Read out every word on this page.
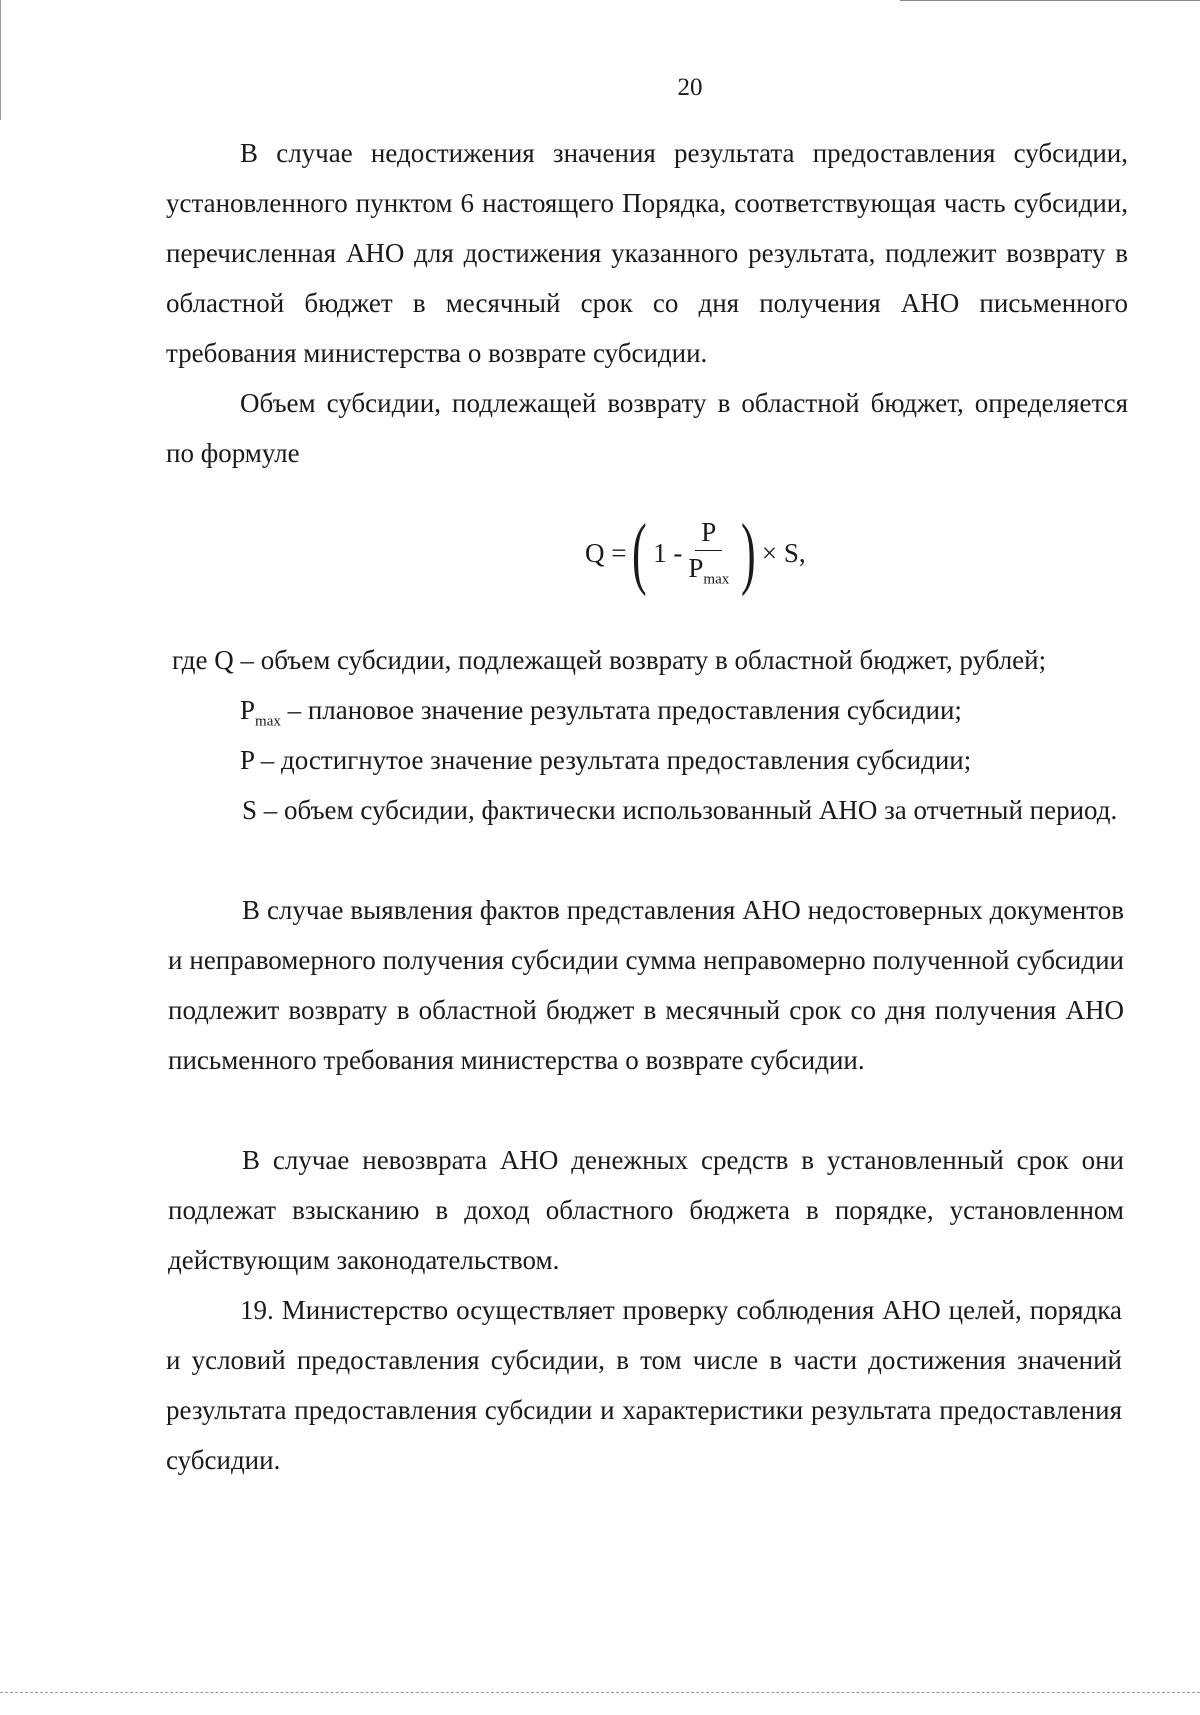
20
В случае недостижения значения результата предоставления субсидии, установленного пунктом 6 настоящего Порядка, соответствующая часть субсидии, перечисленная АНО для достижения указанного результата, подлежит возврату в областной бюджет в месячный срок со дня получения АНО письменного требования министерства о возврате субсидии.
Объем субсидии, подлежащей возврату в областной бюджет, определяется по формуле
Q = ( $1 - \frac{P}{P_{max}}$ ) × S,
где Q – объем субсидии, подлежащей возврату в областной бюджет, рублей;
$P_{max}$ – плановое значение результата предоставления субсидии;
P – достигнутое значение результата предоставления субсидии;
S – объем субсидии, фактически использованный АНО за отчетный период.
В случае выявления фактов представления АНО недостоверных документов и неправомерного получения субсидии сумма неправомерно полученной субсидии подлежит возврату в областной бюджет в месячный срок со дня получения АНО письменного требования министерства о возврате субсидии.
В случае невозврата АНО денежных средств в установленный срок они подлежат взысканию в доход областного бюджета в порядке, установленном действующим законодательством.
19. Министерство осуществляет проверку соблюдения АНО целей, порядка и условий предоставления субсидии, в том числе в части достижения значений результата предоставления субсидии и характеристики результата предоставления субсидии.
